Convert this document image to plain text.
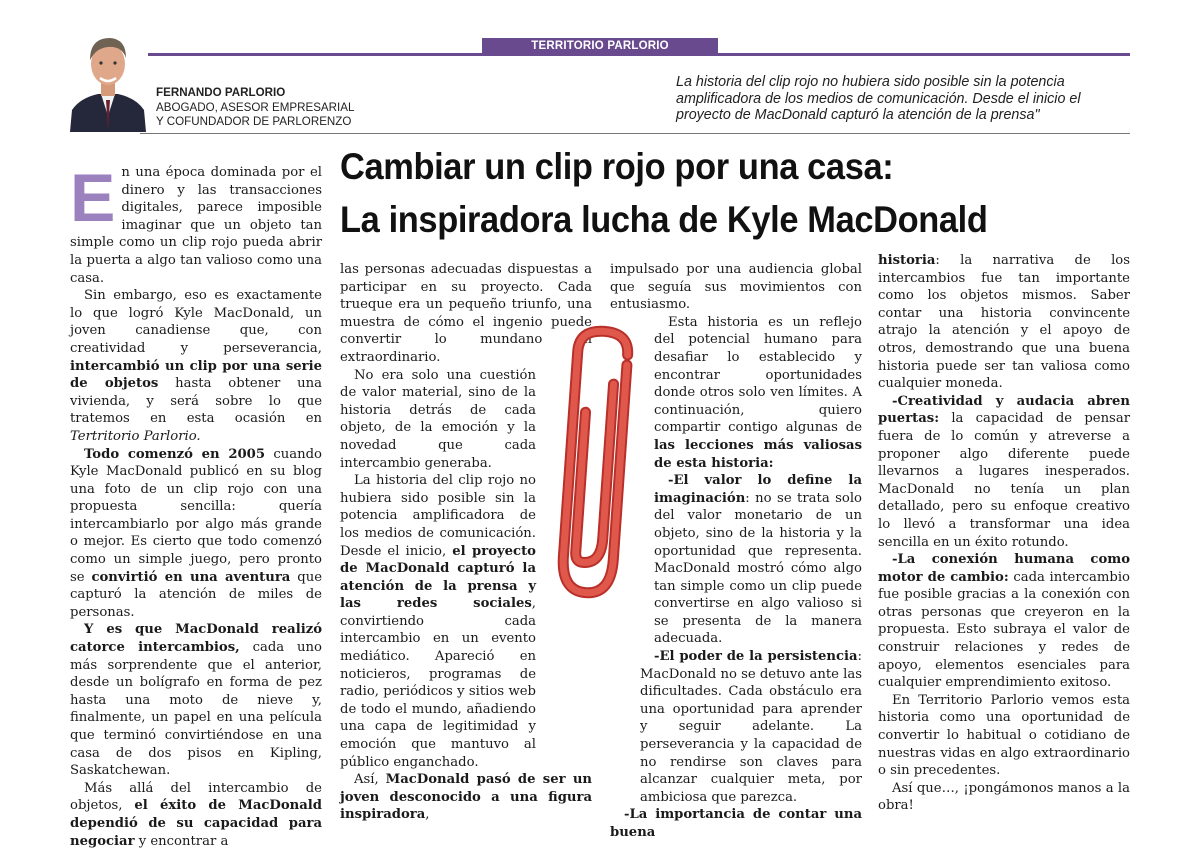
TERRITORIO PARLORIO
FERNANDO PARLORIO
ABOGADO, ASESOR EMPRESARIAL
Y COFUNDADOR DE PARLORENZO
La historia del clip rojo no hubiera sido posible sin la potencia amplificadora de los medios de comunicación. Desde el inicio el proyecto de MacDonald capturó la atención de la prensa"
Cambiar un clip rojo por una casa:
La inspiradora lucha de Kyle MacDonald

En una época dominada por el dinero y las transacciones digitales, parece imposible imaginar que un objeto tan simple como un clip rojo pueda abrir la puerta a algo tan valioso como una casa.

Sin embargo, eso es exactamente lo que logró Kyle MacDonald, un joven canadiense que, con creatividad y perseverancia, intercambió un clip por una serie de objetos hasta obtener una vivienda, y será sobre lo que tratemos en esta ocasión en Tertritorio Parlorio.

Todo comenzó en 2005 cuando Kyle MacDonald publicó en su blog una foto de un clip rojo con una propuesta sencilla: quería intercambiarlo por algo más grande o mejor. Es cierto que todo comenzó como un simple juego, pero pronto se convirtió en una aventura que capturó la atención de miles de personas.

Y es que MacDonald realizó catorce intercambios, cada uno más sorprendente que el anterior, desde un bolígrafo en forma de pez hasta una moto de nieve y, finalmente, un papel en una película que terminó convirtiéndose en una casa de dos pisos en Kipling, Saskatchewan.

Más allá del intercambio de objetos, el éxito de MacDonald dependió de su capacidad para negociar y encontrar a

las personas adecuadas dispuestas a participar en su proyecto. Cada trueque era un pequeño triunfo, una muestra de cómo el ingenio puede convertir lo mundano en extraordinario.

No era solo una cuestión de valor material, sino de la historia detrás de cada objeto, de la emoción y la novedad que cada intercambio generaba.

La historia del clip rojo no hubiera sido posible sin la potencia amplificadora de los medios de comunicación. Desde el inicio, el proyecto de MacDonald capturó la atención de la prensa y las redes sociales, convirtiendo cada intercambio en un evento mediático. Apareció en noticieros, programas de radio, periódicos y sitios web de todo el mundo, añadiendo una capa de legitimidad y emoción que mantuvo al público enganchado.

Así, MacDonald pasó de ser un joven desconocido a una figura inspiradora,

impulsado por una audiencia global que seguía sus movimientos con entusiasmo.

Esta historia es un reflejo del potencial humano para desafiar lo establecido y encontrar oportunidades donde otros solo ven límites. A continuación, quiero compartir contigo algunas de las lecciones más valiosas de esta historia:

-El valor lo define la imaginación: no se trata solo del valor monetario de un objeto, sino de la historia y la oportunidad que representa. MacDonald mostró cómo algo tan simple como un clip puede convertirse en algo valioso si se presenta de la manera adecuada.

-El poder de la persistencia: MacDonald no se detuvo ante las dificultades. Cada obstáculo era una oportunidad para aprender y seguir adelante. La perseverancia y la capacidad de no rendirse son claves para alcanzar cualquier meta, por ambiciosa que parezca.

-La importancia de contar una buena

historia: la narrativa de los intercambios fue tan importante como los objetos mismos. Saber contar una historia convincente atrajo la atención y el apoyo de otros, demostrando que una buena historia puede ser tan valiosa como cualquier moneda.

-Creatividad y audacia abren puertas: la capacidad de pensar fuera de lo común y atreverse a proponer algo diferente puede llevarnos a lugares inesperados. MacDonald no tenía un plan detallado, pero su enfoque creativo lo llevó a transformar una idea sencilla en un éxito rotundo.

-La conexión humana como motor de cambio: cada intercambio fue posible gracias a la conexión con otras personas que creyeron en la propuesta. Esto subraya el valor de construir relaciones y redes de apoyo, elementos esenciales para cualquier emprendimiento exitoso.

En Territorio Parlorio vemos esta historia como una oportunidad de convertir lo habitual o cotidiano de nuestras vidas en algo extraordinario o sin precedentes.

Así que…, ¡pongámonos manos a la obra!
